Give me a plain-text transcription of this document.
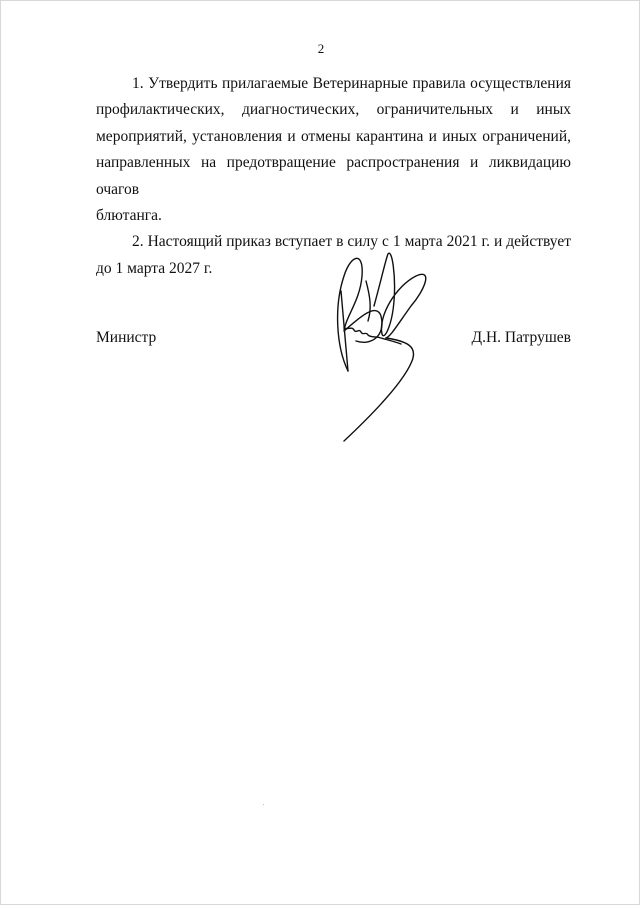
2
1. Утвердить прилагаемые Ветеринарные правила осуществления
профилактических, диагностических, ограничительных и иных
мероприятий, установления и отмены карантина и иных ограничений,
направленных на предотвращение распространения и ликвидацию очагов
блютанга.
2. Настоящий приказ вступает в силу с 1 марта 2021 г. и действует
до 1 марта 2027 г.
Министр	Д.Н. Патрушев
